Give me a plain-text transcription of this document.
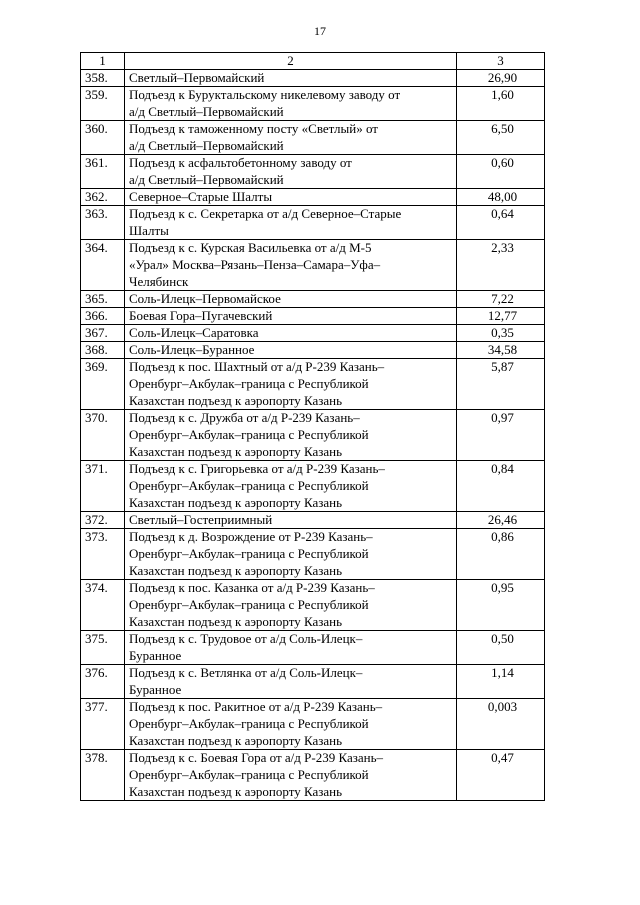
17
1	2	3
358.	Светлый–Первомайский	26,90
359.	Подъезд к Буруктальскому никелевому заводу от
а/д Светлый–Первомайский	1,60
360.	Подъезд к таможенному посту «Светлый» от
а/д Светлый–Первомайский	6,50
361.	Подъезд к асфальтобетонному заводу от
а/д Светлый–Первомайский	0,60
362.	Северное–Старые Шалты	48,00
363.	Подъезд к с. Секретарка от а/д Северное–Старые
Шалты	0,64
364.	Подъезд к с. Курская Васильевка от а/д М-5
«Урал» Москва–Рязань–Пенза–Самара–Уфа–
Челябинск	2,33
365.	Соль-Илецк–Первомайское	7,22
366.	Боевая Гора–Пугачевский	12,77
367.	Соль-Илецк–Саратовка	0,35
368.	Соль-Илецк–Буранное	34,58
369.	Подъезд к пос. Шахтный от а/д Р-239 Казань–
Оренбург–Акбулак–граница с Республикой
Казахстан подъезд к аэропорту Казань	5,87
370.	Подъезд к с. Дружба от а/д Р-239 Казань–
Оренбург–Акбулак–граница с Республикой
Казахстан подъезд к аэропорту Казань	0,97
371.	Подъезд к с. Григорьевка от а/д Р-239 Казань–
Оренбург–Акбулак–граница с Республикой
Казахстан подъезд к аэропорту Казань	0,84
372.	Светлый–Гостеприимный	26,46
373.	Подъезд к д. Возрождение от Р-239 Казань–
Оренбург–Акбулак–граница с Республикой
Казахстан подъезд к аэропорту Казань	0,86
374.	Подъезд к пос. Казанка от а/д Р-239 Казань–
Оренбург–Акбулак–граница с Республикой
Казахстан подъезд к аэропорту Казань	0,95
375.	Подъезд к с. Трудовое от а/д Соль-Илецк–
Буранное	0,50
376.	Подъезд к с. Ветлянка от а/д Соль-Илецк–
Буранное	1,14
377.	Подъезд к пос. Ракитное от а/д Р-239 Казань–
Оренбург–Акбулак–граница с Республикой
Казахстан подъезд к аэропорту Казань	0,003
378.	Подъезд к с. Боевая Гора от а/д Р-239 Казань–
Оренбург–Акбулак–граница с Республикой
Казахстан подъезд к аэропорту Казань	0,47
